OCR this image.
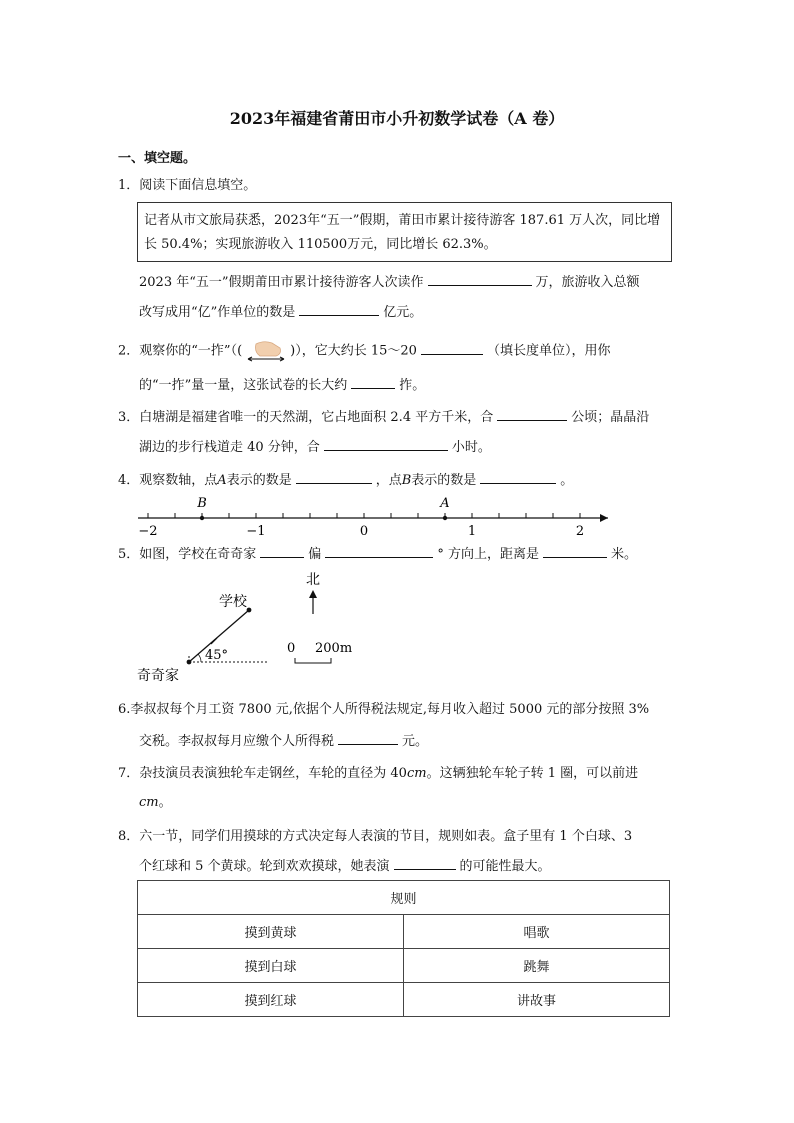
2023年福建省莆田市小升初数学试卷（A 卷）
一、填空题。
1．阅读下面信息填空。
记者从市文旅局获悉，2023年“五一”假期，莆田市累计接待游客 187.61 万人次，同比增长 50.4%；实现旅游收入 110500万元，同比增长 62.3%。
2023 年“五一”假期莆田市累计接待游客人次读作	万，旅游收入总额
改写成用“亿”作单位的数是	亿元。
2．观察你的“一拃”（(	)），它大约长 15～20	（填长度单位），用你
的“一拃”量一量，这张试卷的长大约	拃。
3．白塘湖是福建省唯一的天然湖，它占地面积 2.4 平方千米，合	公顷；晶晶沿
湖边的步行栈道走 40 分钟，合	小时。
4．观察数轴，点A表示的数是	，点B表示的数是	。
B	A
−2	−1	0	1	2
5．如图，学校在奇奇家	偏	° 方向上，距离是	米。
学校
奇奇家
45°
北
0 200m
6.李叔叔每个月工资 7800 元,依据个人所得税法规定,每月收入超过 5000 元的部分按照 3%
交税。李叔叔每月应缴个人所得税	元。
7．杂技演员表演独轮车走钢丝，车轮的直径为 40cm。这辆独轮车轮子转 1 圈，可以前进
cm。
8．六一节，同学们用摸球的方式决定每人表演的节目，规则如表。盒子里有 1 个白球、3
个红球和 5 个黄球。轮到欢欢摸球，她表演	的可能性最大。
规则	
摸到黄球	唱歌
摸到白球	跳舞
摸到红球	讲故事
